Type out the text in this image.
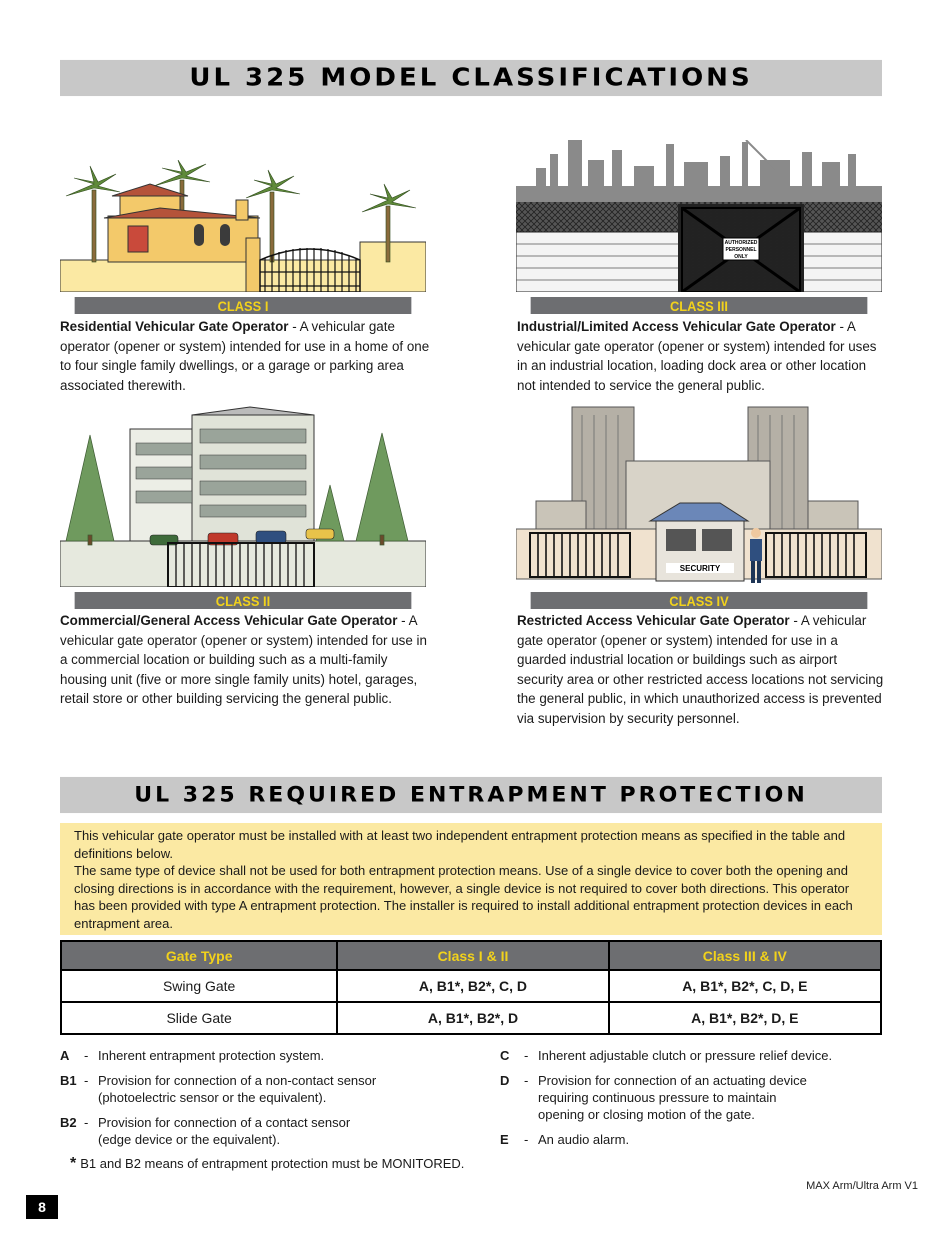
UL 325 MODEL CLASSIFICATIONS
CLASS I
Residential Vehicular Gate Operator - A vehicular gate operator (opener or system) intended for use in a home of one to four single family dwellings, or a garage or parking area associated therewith.
AUTHORIZED
PERSONNEL
ONLY
CLASS III
Industrial/Limited Access Vehicular Gate Operator - A vehicular gate operator (opener or system) intended for uses in an industrial location, loading dock area or other location not intended to service the general public.
CLASS II
Commercial/General Access Vehicular Gate Operator - A vehicular gate operator (opener or system) intended for use in a commercial location or building such as a multi-family housing unit (five or more single family units) hotel, garages, retail store or other building servicing the general public.
SECURITY
CLASS IV
Restricted Access Vehicular Gate Operator - A vehicular gate operator (opener or system) intended for use in a guarded industrial location or buildings such as airport security area or other restricted access locations not servicing the general public, in which unauthorized access is prevented via supervision by security personnel.
UL 325 REQUIRED ENTRAPMENT PROTECTION

This vehicular gate operator must be installed with at least two independent entrapment protection means as specified in the table and definitions below.

The same type of device shall not be used for both entrapment protection means. Use of a single device to cover both the opening and closing directions is in accordance with the requirement, however, a single device is not required to cover both directions. This operator has been provided with type A entrapment protection. The installer is required to install additional entrapment protection devices in each entrapment area.

Gate Type	Class I & II	Class III & IV
Swing Gate	A, B1*, B2*, C, D	A, B1*, B2*, C, D, E
Slide Gate	A, B1*, B2*, D	A, B1*, B2*, D, E
A	- Inherent entrapment protection system.
B1 - Provision for connection of a non-contact sensor (photoelectric sensor or the equivalent).
B2 - Provision for connection of a contact sensor (edge device or the equivalent).
C	- Inherent adjustable clutch or pressure relief device.
D	- Provision for connection of an actuating device requiring continuous pressure to maintain opening or closing motion of the gate.
E	- An audio alarm.
* B1 and B2 means of entrapment protection must be MONITORED.
8
MAX Arm/Ultra Arm V1
